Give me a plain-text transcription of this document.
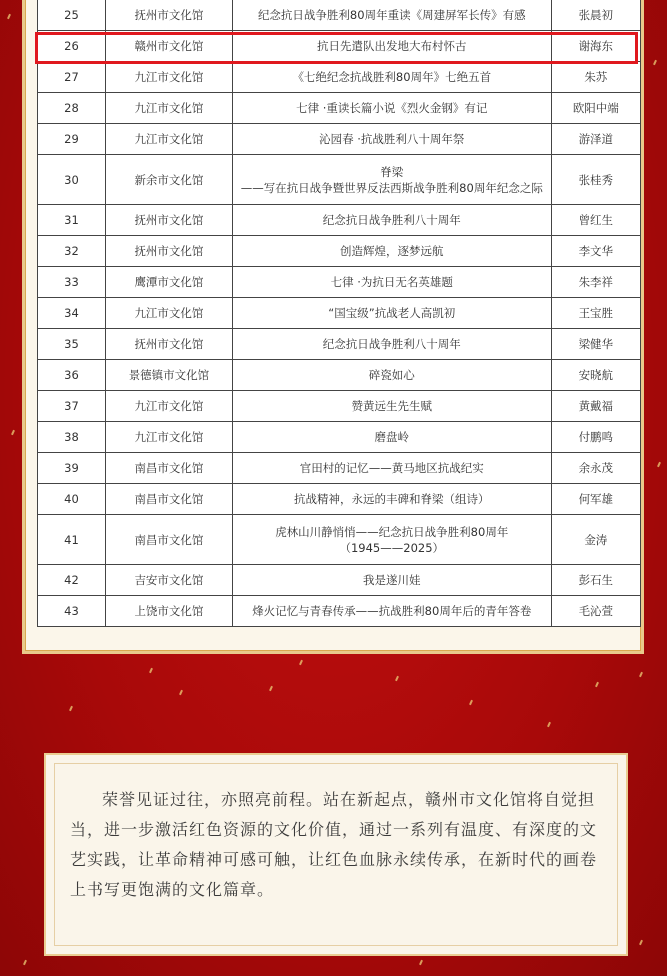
25	抚州市文化馆	纪念抗日战争胜利80周年重读《周建屏军长传》有感	张晨初
26	赣州市文化馆	抗日先遣队出发地大布村怀古	谢海东
27	九江市文化馆	《七绝纪念抗战胜利80周年》七绝五首	朱苏
28	九江市文化馆	七律 ·重读长篇小说《烈火金钢》有记	欧阳中端
29	九江市文化馆	沁园春 ·抗战胜利八十周年祭	游泽道
30	新余市文化馆	脊梁
——写在抗日战争暨世界反法西斯战争胜利80周年纪念之际	张桂秀
31	抚州市文化馆	纪念抗日战争胜利八十周年	曾红生
32	抚州市文化馆	创造辉煌，逐梦远航	李文华
33	鹰潭市文化馆	七律 ·为抗日无名英雄题	朱李祥
34	九江市文化馆	“国宝级”抗战老人高凯初	王宝胜
35	抚州市文化馆	纪念抗日战争胜利八十周年	梁健华
36	景德镇市文化馆	碎瓷如心	安晓航
37	九江市文化馆	赞黄远生先生赋	黄戴福
38	九江市文化馆	磨盘岭	付鹏鸣
39	南昌市文化馆	官田村的记忆——黄马地区抗战纪实	余永茂
40	南昌市文化馆	抗战精神，永远的丰碑和脊梁（组诗）	何军雄
41	南昌市文化馆	虎林山川静悄悄——纪念抗日战争胜利80周年
（1945——2025）	金涛
42	吉安市文化馆	我是遂川娃	彭石生
43	上饶市文化馆	烽火记忆与青春传承——抗战胜利80周年后的青年答卷	毛沁萱

荣誉见证过往，亦照亮前程。站在新起点，赣州市文化馆将自觉担当，进一步激活红色资源的文化价值，通过一系列有温度、有深度的文艺实践，让革命精神可感可触，让红色血脉永续传承，在新时代的画卷上书写更饱满的文化篇章。
